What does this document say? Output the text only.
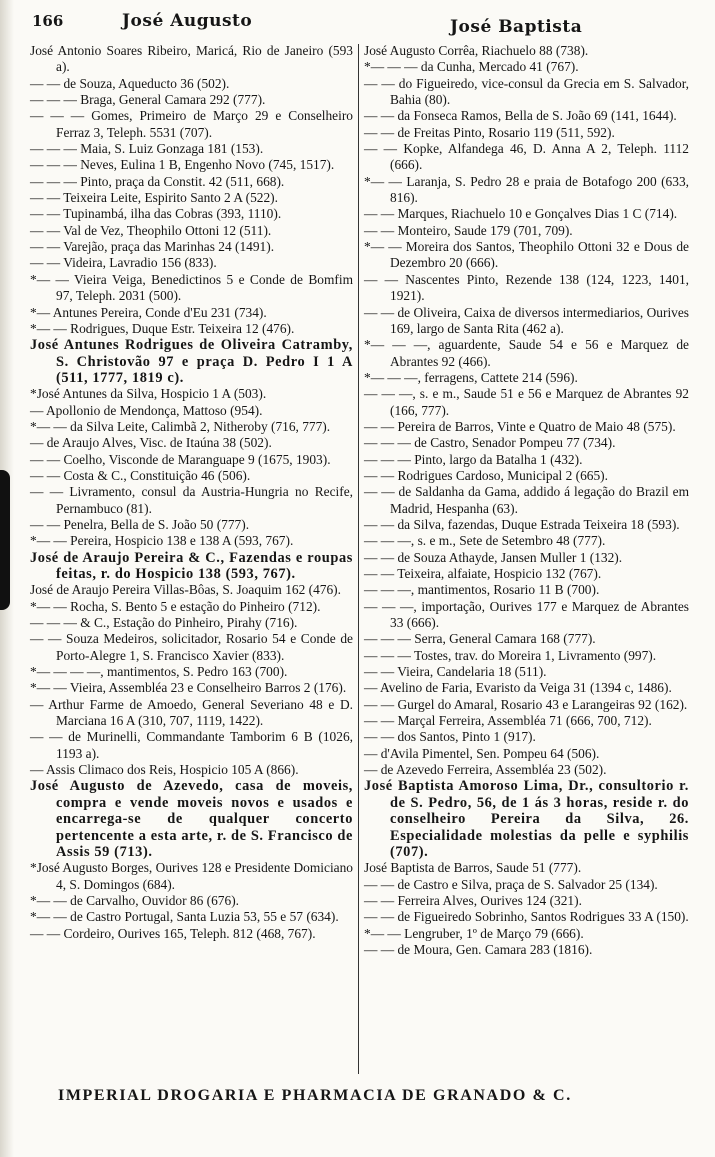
166	José Augusto	José Baptista

José Antonio Soares Ribeiro, Maricá, Rio de Janeiro (593 a).

— — de Souza, Aqueducto 36 (502).

— — — Braga, General Camara 292 (777).

— — — Gomes, Primeiro de Março 29 e Conselheiro Ferraz 3, Teleph. 5531 (707).

— — — Maia, S. Luiz Gonzaga 181 (153).

— — — Neves, Eulina 1 B, Engenho Novo (745, 1517).

— — — Pinto, praça da Constit. 42 (511, 668).

— — Teixeira Leite, Espirito Santo 2 A (522).

— — Tupinambá, ilha das Cobras (393, 1110).

— — Val de Vez, Theophilo Ottoni 12 (511).

— — Varejão, praça das Marinhas 24 (1491).

— — Videira, Lavradio 156 (833).

*— — Vieira Veiga, Benedictinos 5 e Conde de Bomfim 97, Teleph. 2031 (500).

*— Antunes Pereira, Conde d'Eu 231 (734).

*— — Rodrigues, Duque Estr. Teixeira 12 (476).

José Antunes Rodrigues de Oliveira Catramby, S. Christovão 97 e praça D. Pedro I 1 A (511, 1777, 1819 c).

*José Antunes da Silva, Hospicio 1 A (503).

— Apollonio de Mendonça, Mattoso (954).

*— — da Silva Leite, Calimbã 2, Nitheroby (716, 777).

— de Araujo Alves, Visc. de Itaúna 38 (502).

— — Coelho, Visconde de Maranguape 9 (1675, 1903).

— — Costa & C., Constituição 46 (506).

— — Livramento, consul da Austria-Hungria no Recife, Pernambuco (81).

— — Penelra, Bella de S. João 50 (777).

*— — Pereira, Hospicio 138 e 138 A (593, 767).

José de Araujo Pereira & C., Fazendas e roupas feitas, r. do Hospicio 138 (593, 767).

José de Araujo Pereira Villas-Bôas, S. Joaquim 162 (476).

*— — Rocha, S. Bento 5 e estação do Pinheiro (712).

— — — & C., Estação do Pinheiro, Pirahy (716).

— — Souza Medeiros, solicitador, Rosario 54 e Conde de Porto-Alegre 1, S. Francisco Xavier (833).

*— — — —, mantimentos, S. Pedro 163 (700).

*— — Vieira, Assembléa 23 e Conselheiro Barros 2 (176).

— Arthur Farme de Amoedo, General Severiano 48 e D. Marciana 16 A (310, 707, 1119, 1422).

— — de Murinelli, Commandante Tamborim 6 B (1026, 1193 a).

— Assis Climaco dos Reis, Hospicio 105 A (866).

José Augusto de Azevedo, casa de moveis, compra e vende moveis novos e usados e encarrega-se de qualquer concerto pertencente a esta arte, r. de S. Francisco de Assis 59 (713).

*José Augusto Borges, Ourives 128 e Presidente Domiciano 4, S. Domingos (684).

*— — de Carvalho, Ouvidor 86 (676).

*— — de Castro Portugal, Santa Luzia 53, 55 e 57 (634).

— — Cordeiro, Ourives 165, Teleph. 812 (468, 767).

José Augusto Corrêa, Riachuelo 88 (738).

*— — — da Cunha, Mercado 41 (767).

— — do Figueiredo, vice-consul da Grecia em S. Salvador, Bahia (80).

— — da Fonseca Ramos, Bella de S. João 69 (141, 1644).

— — de Freitas Pinto, Rosario 119 (511, 592).

— — Kopke, Alfandega 46, D. Anna A 2, Teleph. 1112 (666).

*— — Laranja, S. Pedro 28 e praia de Botafogo 200 (633, 816).

— — Marques, Riachuelo 10 e Gonçalves Dias 1 C (714).

— — Monteiro, Saude 179 (701, 709).

*— — Moreira dos Santos, Theophilo Ottoni 32 e Dous de Dezembro 20 (666).

— — Nascentes Pinto, Rezende 138 (124, 1223, 1401, 1921).

— — de Oliveira, Caixa de diversos intermediarios, Ourives 169, largo de Santa Rita (462 a).

*— — —, aguardente, Saude 54 e 56 e Marquez de Abrantes 92 (466).

*— — —, ferragens, Cattete 214 (596).

— — —, s. e m., Saude 51 e 56 e Marquez de Abrantes 92 (166, 777).

— — Pereira de Barros, Vinte e Quatro de Maio 48 (575).

— — — de Castro, Senador Pompeu 77 (734).

— — — Pinto, largo da Batalha 1 (432).

— — Rodrigues Cardoso, Municipal 2 (665).

— — de Saldanha da Gama, addido á legação do Brazil em Madrid, Hespanha (63).

— — da Silva, fazendas, Duque Estrada Teixeira 18 (593).

— — —, s. e m., Sete de Setembro 48 (777).

— — de Souza Athayde, Jansen Muller 1 (132).

— — Teixeira, alfaiate, Hospicio 132 (767).

— — —, mantimentos, Rosario 11 B (700).

— — —, importação, Ourives 177 e Marquez de Abrantes 33 (666).

— — — Serra, General Camara 168 (777).

— — — Tostes, trav. do Moreira 1, Livramento (997).

— — Vieira, Candelaria 18 (511).

— Avelino de Faria, Evaristo da Veiga 31 (1394 c, 1486).

— — Gurgel do Amaral, Rosario 43 e Larangeiras 92 (162).

— — Marçal Ferreira, Assembléa 71 (666, 700, 712).

— — dos Santos, Pinto 1 (917).

— d'Avila Pimentel, Sen. Pompeu 64 (506).

— de Azevedo Ferreira, Assembléa 23 (502).

José Baptista Amoroso Lima, Dr., consultorio r. de S. Pedro, 56, de 1 ás 3 horas, reside r. do conselheiro Pereira da Silva, 26. Especialidade molestias da pelle e syphilis (707).

José Baptista de Barros, Saude 51 (777).

— — de Castro e Silva, praça de S. Salvador 25 (134).

— — Ferreira Alves, Ourives 124 (321).

— — de Figueiredo Sobrinho, Santos Rodrigues 33 A (150).

*— — Lengruber, 1º de Março 79 (666).

— — de Moura, Gen. Camara 283 (1816).

IMPERIAL DROGARIA E PHARMACIA DE GRANADO & C.
